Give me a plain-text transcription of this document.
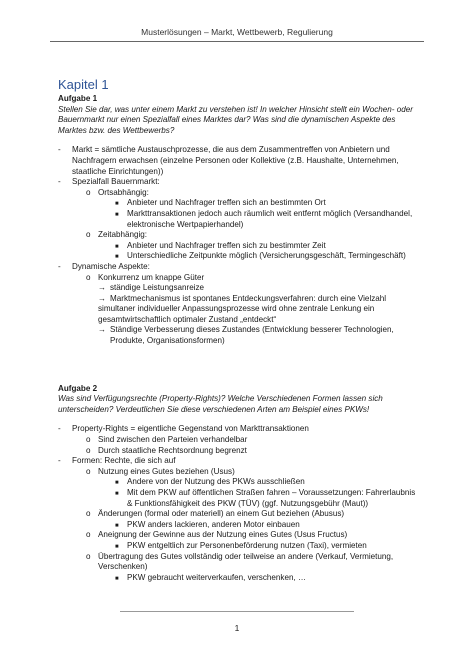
Musterlösungen – Markt, Wettbewerb, Regulierung
Kapitel 1

Aufgabe 1

Stellen Sie dar, was unter einem Markt zu verstehen ist! In welcher Hinsicht stellt ein Wochen- oder Bauernmarkt nur einen Spezialfall eines Marktes dar? Was sind die dynamischen Aspekte des Marktes bzw. des Wettbewerbs?

-	Markt = sämtliche Austauschprozesse, die aus dem Zusammentreffen von Anbietern und Nachfragern erwachsen (einzelne Personen oder Kollektive (z.B. Haushalte, Unternehmen, staatliche Einrichtungen))
-	Spezialfall Bauernmarkt:
o Ortsabhängig:
■	Anbieter und Nachfrager treffen sich an bestimmten Ort
■	Markttransaktionen jedoch auch räumlich weit entfernt möglich (Versandhandel, elektronische Wertpapierhandel)
o Zeitabhängig:
■	Anbieter und Nachfrager treffen sich zu bestimmter Zeit
■	Unterschiedliche Zeitpunkte möglich (Versicherungsgeschäft, Termingeschäft)
-	Dynamische Aspekte:
o Konkurrenz um knappe Güter
→ ständige Leistungsanreize
→ Marktmechanismus ist spontanes Entdeckungsverfahren: durch eine Vielzahl
simultaner individueller Anpassungsprozesse wird ohne zentrale Lenkung ein gesamtwirtschaftlich optimaler Zustand „entdeckt“
→ Ständige Verbesserung dieses Zustandes (Entwicklung besserer Technologien, Produkte, Organisationsformen)

Aufgabe 2

Was sind Verfügungsrechte (Property-Rights)? Welche Verschiedenen Formen lassen sich unterscheiden? Verdeutlichen Sie diese verschiedenen Arten am Beispiel eines PKWs!

-	Property-Rights = eigentliche Gegenstand von Markttransaktionen
o Sind zwischen den Parteien verhandelbar
o Durch staatliche Rechtsordnung begrenzt
-	Formen: Rechte, die sich auf
o Nutzung eines Gutes beziehen (Usus)
■	Andere von der Nutzung des PKWs ausschließen
■	Mit dem PKW auf öffentlichen Straßen fahren – Voraussetzungen: Fahrerlaubnis & Funktionsfähigkeit des PKW (TÜV) (ggf. Nutzungsgebühr (Maut))
o Änderungen (formal oder materiell) an einem Gut beziehen (Abusus)
■	PKW anders lackieren, anderen Motor einbauen
o Aneignung der Gewinne aus der Nutzung eines Gutes (Usus Fructus)
■	PKW entgeltlich zur Personenbeförderung nutzen (Taxi), vermieten
o Übertragung des Gutes vollständig oder teilweise an andere (Verkauf, Vermietung, Verschenken)
■	PKW gebraucht weiterverkaufen, verschenken, …
1
